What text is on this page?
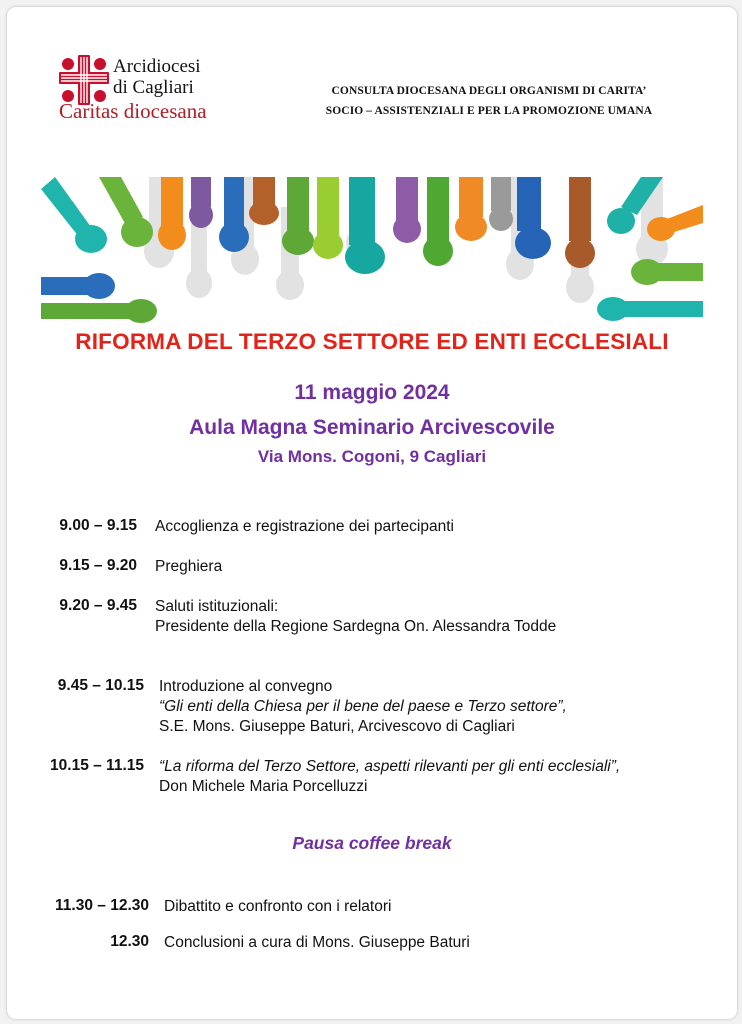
Arcidiocesi
di Cagliari
Caritas diocesana
CONSULTA DIOCESANA DEGLI ORGANISMI DI CARITA’
SOCIO – ASSISTENZIALI E PER LA PROMOZIONE UMANA
RIFORMA DEL TERZO SETTORE ED ENTI ECCLESIALI
11 maggio 2024
Aula Magna Seminario Arcivescovile
Via Mons. Cogoni, 9 Cagliari
9.00 – 9.15 Accoglienza e registrazione dei partecipanti
9.15 – 9.20 Preghiera
9.20 – 9.45 Saluti istituzionali:
Presidente della Regione Sardegna On. Alessandra Todde
9.45 – 10.15 Introduzione al convegno
“Gli enti della Chiesa per il bene del paese e Terzo settore”,
S.E. Mons. Giuseppe Baturi, Arcivescovo di Cagliari
10.15 – 11.15 “La riforma del Terzo Settore, aspetti rilevanti per gli enti ecclesiali”,
Don Michele Maria Porcelluzzi
Pausa coffee break
11.30 – 12.30 Dibattito e confronto con i relatori
12.30 Conclusioni a cura di Mons. Giuseppe Baturi
